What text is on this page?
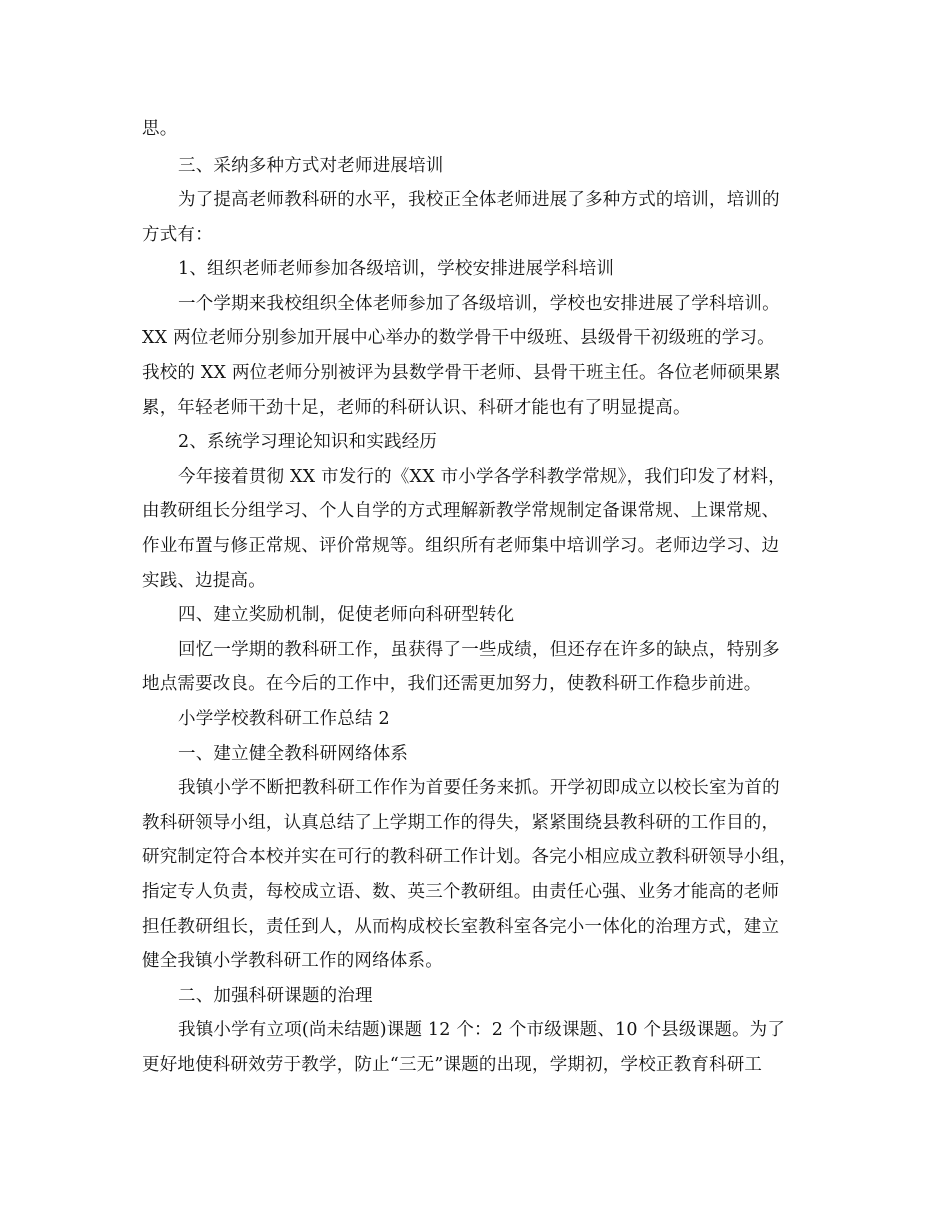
思。
三、采纳多种方式对老师进展培训
为了提高老师教科研的水平，我校正全体老师进展了多种方式的培训，培训的
方式有：
1、组织老师老师参加各级培训，学校安排进展学科培训
一个学期来我校组织全体老师参加了各级培训，学校也安排进展了学科培训。
XX 两位老师分别参加开展中心举办的数学骨干中级班、县级骨干初级班的学习。
我校的 XX 两位老师分别被评为县数学骨干老师、县骨干班主任。各位老师硕果累
累，年轻老师干劲十足，老师的科研认识、科研才能也有了明显提高。
2、系统学习理论知识和实践经历
今年接着贯彻 XX 市发行的《XX 市小学各学科教学常规》，我们印发了材料，
由教研组长分组学习、个人自学的方式理解新教学常规制定备课常规、上课常规、
作业布置与修正常规、评价常规等。组织所有老师集中培训学习。老师边学习、边
实践、边提高。
四、建立奖励机制，促使老师向科研型转化
回忆一学期的教科研工作，虽获得了一些成绩，但还存在许多的缺点，特别多
地点需要改良。在今后的工作中，我们还需更加努力，使教科研工作稳步前进。
小学学校教科研工作总结 2
一、建立健全教科研网络体系
我镇小学不断把教科研工作作为首要任务来抓。开学初即成立以校长室为首的
教科研领导小组，认真总结了上学期工作的得失，紧紧围绕县教科研的工作目的，
研究制定符合本校并实在可行的教科研工作计划。各完小相应成立教科研领导小组，
指定专人负责，每校成立语、数、英三个教研组。由责任心强、业务才能高的老师
担任教研组长，责任到人，从而构成校长室教科室各完小一体化的治理方式，建立
健全我镇小学教科研工作的网络体系。
二、加强科研课题的治理
我镇小学有立项(尚未结题)课题 12 个：2 个市级课题、10 个县级课题。为了
更好地使科研效劳于教学，防止“三无”课题的出现，学期初，学校正教育科研工
